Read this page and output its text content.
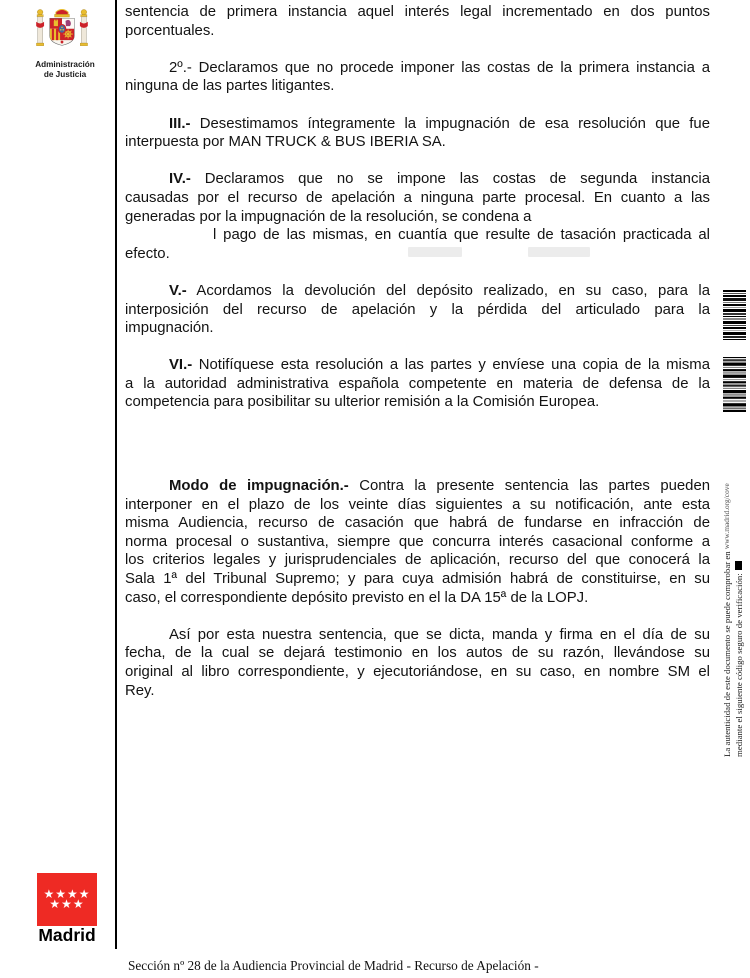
Administración
de Justicia
★★★★
★★★
Madrid
sentencia de primera instancia aquel interés legal incrementado en dos puntos
porcentuales.
2º.- Declaramos que no procede imponer las costas de la primera instancia a
ninguna de las partes litigantes.
III.- Desestimamos íntegramente la impugnación de esa resolución que fue
interpuesta por MAN TRUCK & BUS IBERIA SA.
IV.- Declaramos que no se impone las costas de segunda instancia
causadas por el recurso de apelación a ninguna parte procesal. En cuanto a las
generadas por la impugnación de la resolución, se condena a
l pago de las mismas, en cuantía que resulte de tasación practicada al
efecto.
V.- Acordamos la devolución del depósito realizado, en su caso, para la
interposición del recurso de apelación y la pérdida del articulado para la
impugnación.
VI.- Notifíquese esta resolución a las partes y envíese una copia de la misma
a la autoridad administrativa española competente en materia de defensa de la
competencia para posibilitar su ulterior remisión a la Comisión Europea.
Modo de impugnación.- Contra la presente sentencia las partes pueden
interponer en el plazo de los veinte días siguientes a su notificación, ante esta
misma Audiencia, recurso de casación que habrá de fundarse en infracción de
norma procesal o sustantiva, siempre que concurra interés casacional conforme a
los criterios legales y jurisprudenciales de aplicación, recurso del que conocerá la
Sala 1ª del Tribunal Supremo; y para cuya admisión habrá de constituirse, en su
caso, el correspondiente depósito previsto en el la DA 15ª de la LOPJ.
Así por esta nuestra sentencia, que se dicta, manda y firma en el día de su
fecha, de la cual se dejará testimonio en los autos de su razón, llevándose su
original al libro correspondiente, y ejecutoriándose, en su caso, en nombre SM el
Rey.	La autenticidad de este documento se puede comprobar en www.madrid.org/cove
mediante el siguiente código seguro de verificación:
Sección nº 28 de la Audiencia Provincial de Madrid - Recurso de Apelación -
